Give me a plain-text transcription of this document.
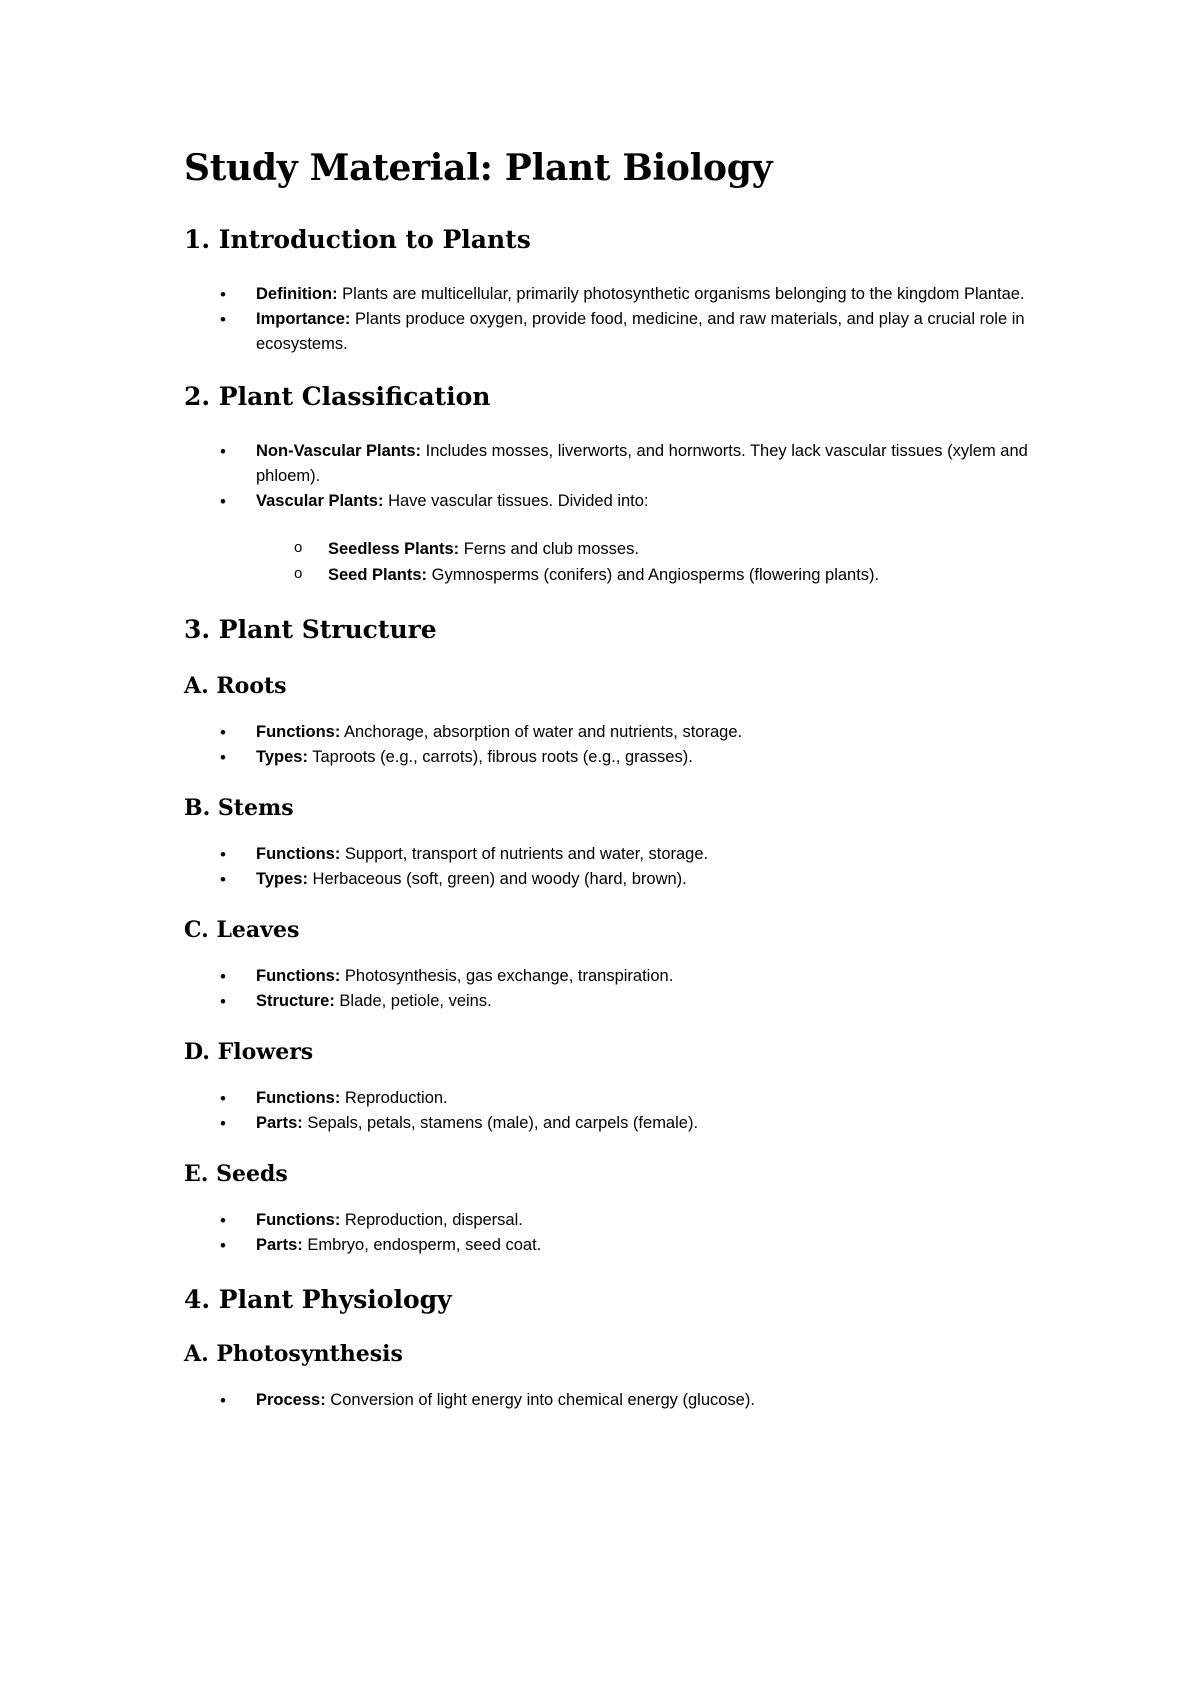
Study Material: Plant Biology
1. Introduction to Plants
• Definition: Plants are multicellular, primarily photosynthetic organisms belonging to the kingdom Plantae.
• Importance: Plants produce oxygen, provide food, medicine, and raw materials, and play a crucial role in ecosystems.
2. Plant Classification
• Non-Vascular Plants: Includes mosses, liverworts, and hornworts. They lack vascular tissues (xylem and phloem).
• Vascular Plants: Have vascular tissues. Divided into:
o Seedless Plants: Ferns and club mosses.
o Seed Plants: Gymnosperms (conifers) and Angiosperms (flowering plants).
3. Plant Structure
A. Roots
• Functions: Anchorage, absorption of water and nutrients, storage.
• Types: Taproots (e.g., carrots), fibrous roots (e.g., grasses).
B. Stems
• Functions: Support, transport of nutrients and water, storage.
• Types: Herbaceous (soft, green) and woody (hard, brown).
C. Leaves
• Functions: Photosynthesis, gas exchange, transpiration.
• Structure: Blade, petiole, veins.
D. Flowers
• Functions: Reproduction.
• Parts: Sepals, petals, stamens (male), and carpels (female).
E. Seeds
• Functions: Reproduction, dispersal.
• Parts: Embryo, endosperm, seed coat.
4. Plant Physiology
A. Photosynthesis
• Process: Conversion of light energy into chemical energy (glucose).
